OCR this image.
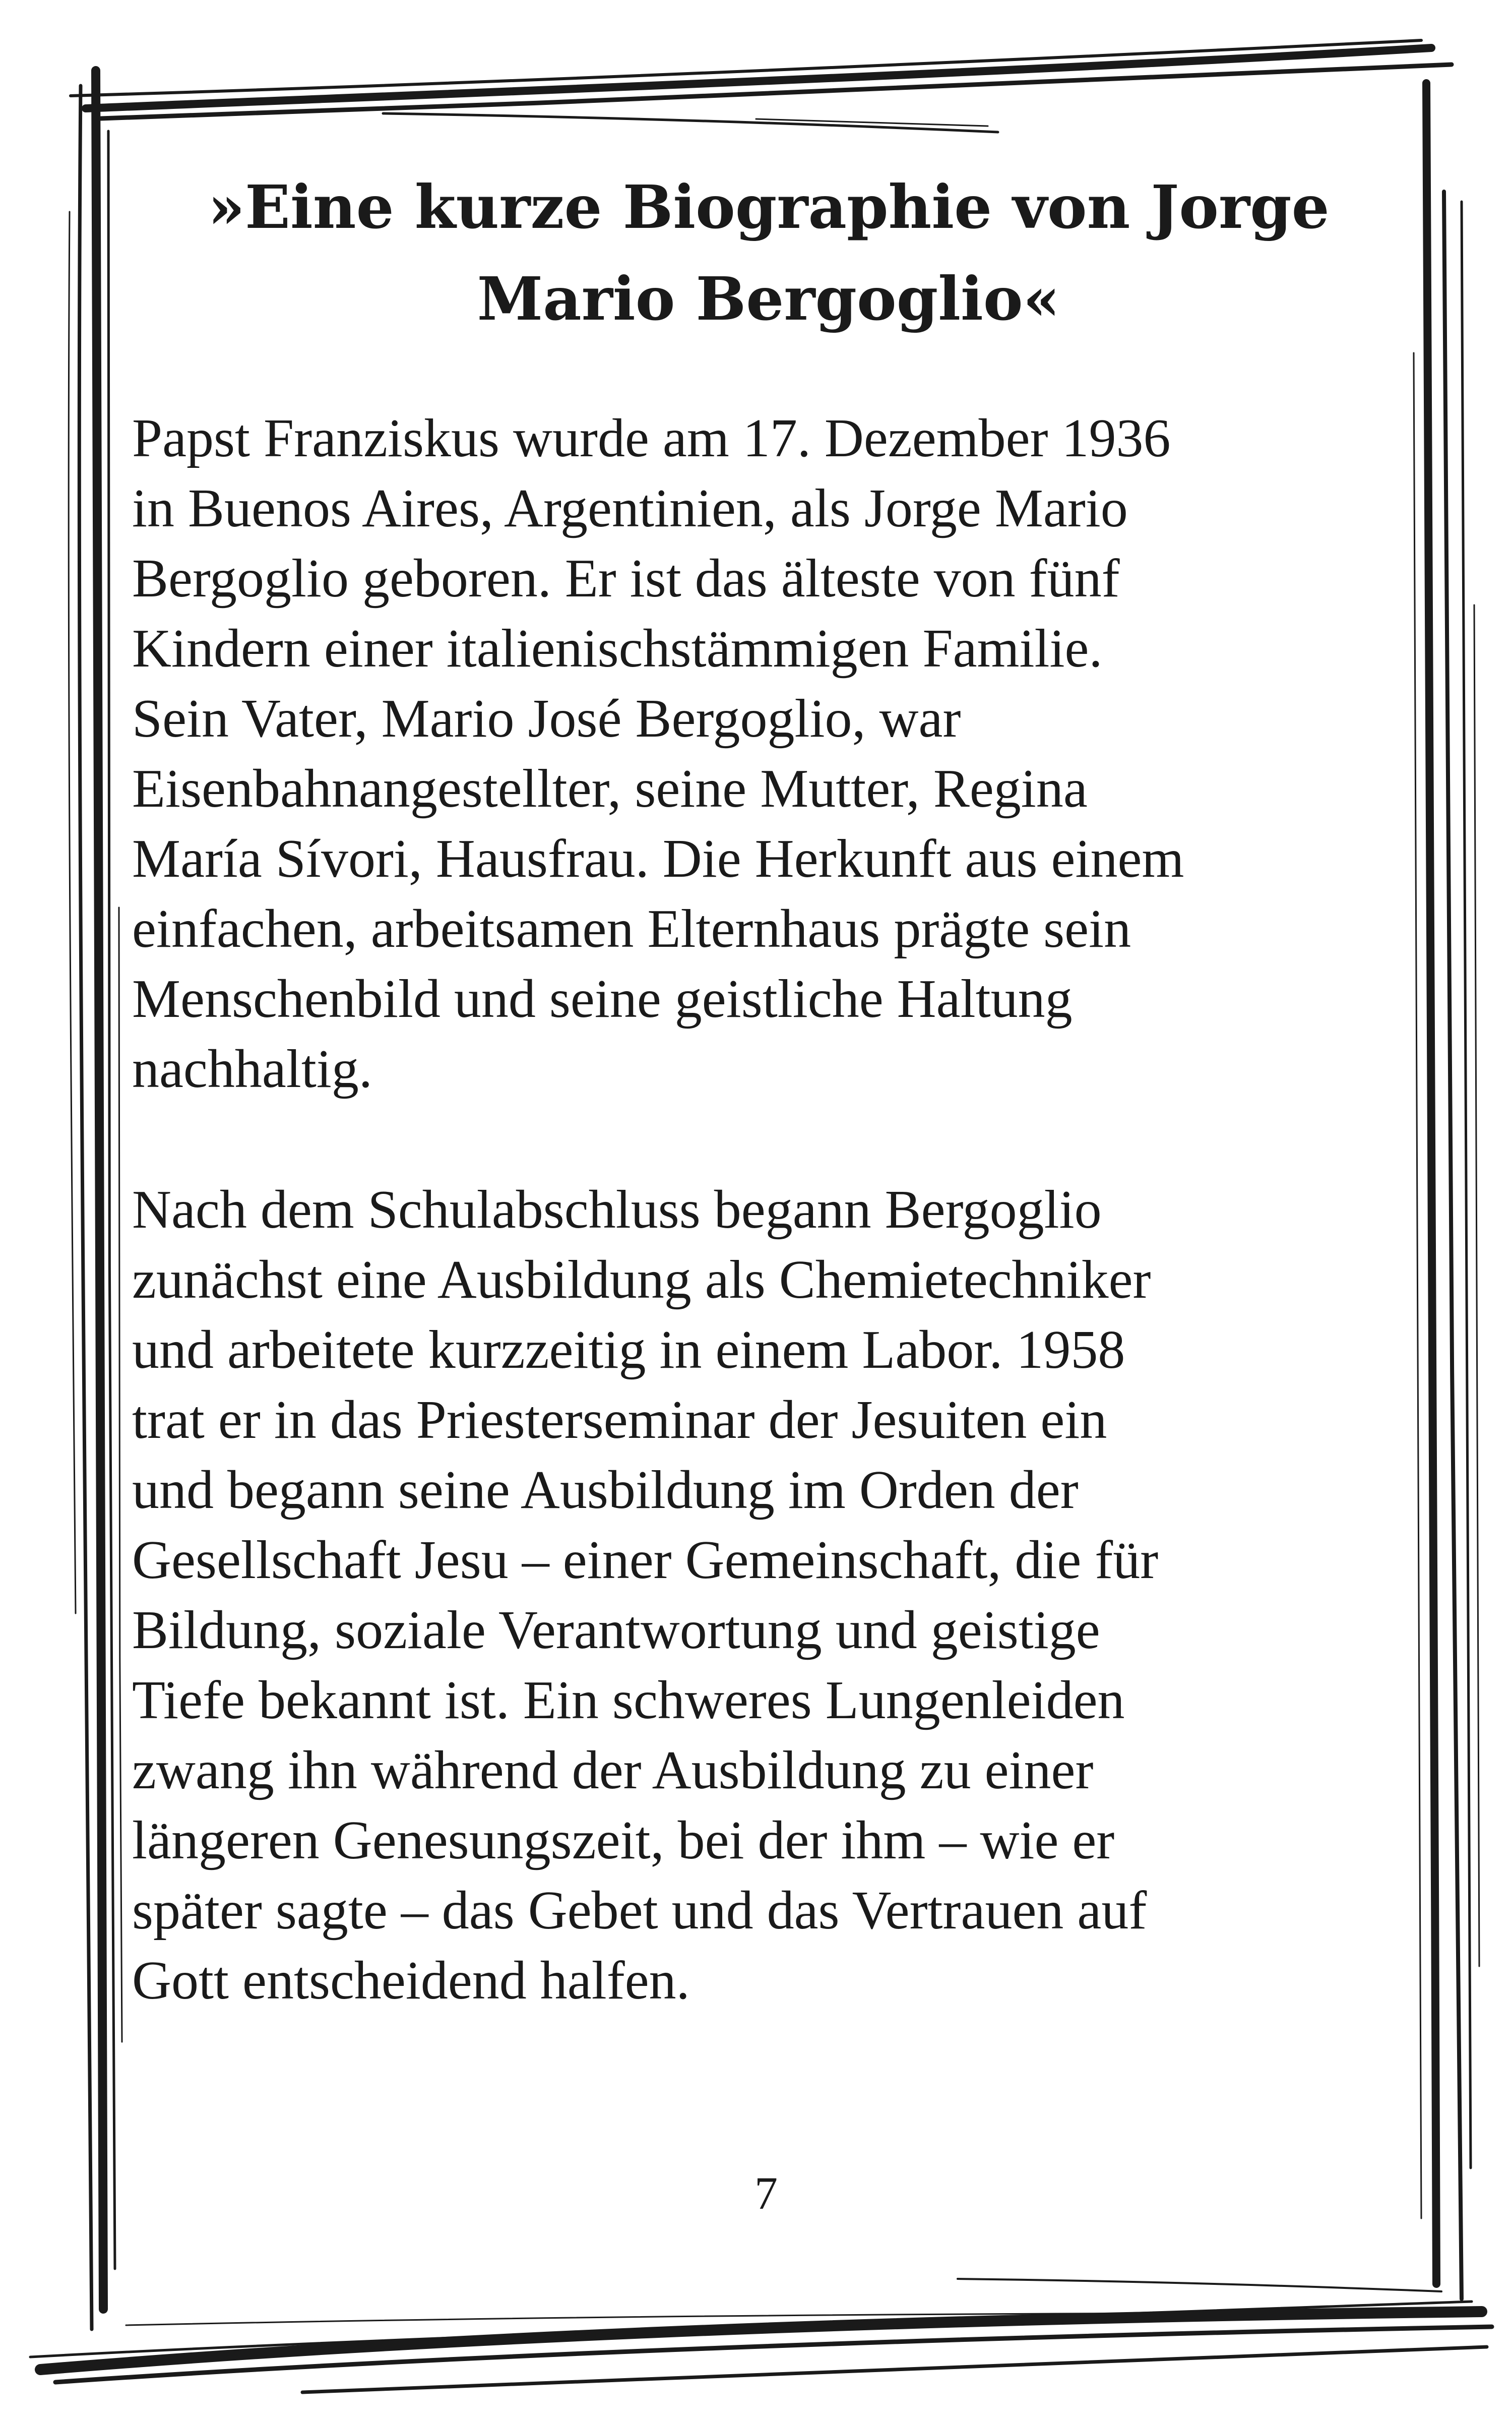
»Eine kurze Biographie von Jorge
Mario Bergoglio«

Papst Franziskus wurde am 17. Dezember 1936
in Buenos Aires, Argentinien, als Jorge Mario
Bergoglio geboren. Er ist das älteste von fünf
Kindern einer italienischstämmigen Familie.
Sein Vater, Mario José Bergoglio, war
Eisenbahnangestellter, seine Mutter, Regina
María Sívori, Hausfrau. Die Herkunft aus einem
einfachen, arbeitsamen Elternhaus prägte sein
Menschenbild und seine geistliche Haltung
nachhaltig.

Nach dem Schulabschluss begann Bergoglio
zunächst eine Ausbildung als Chemietechniker
und arbeitete kurzzeitig in einem Labor. 1958
trat er in das Priesterseminar der Jesuiten ein
und begann seine Ausbildung im Orden der
Gesellschaft Jesu – einer Gemeinschaft, die für
Bildung, soziale Verantwortung und geistige
Tiefe bekannt ist. Ein schweres Lungenleiden
zwang ihn während der Ausbildung zu einer
längeren Genesungszeit, bei der ihm – wie er
später sagte – das Gebet und das Vertrauen auf
Gott entscheidend halfen.

7
